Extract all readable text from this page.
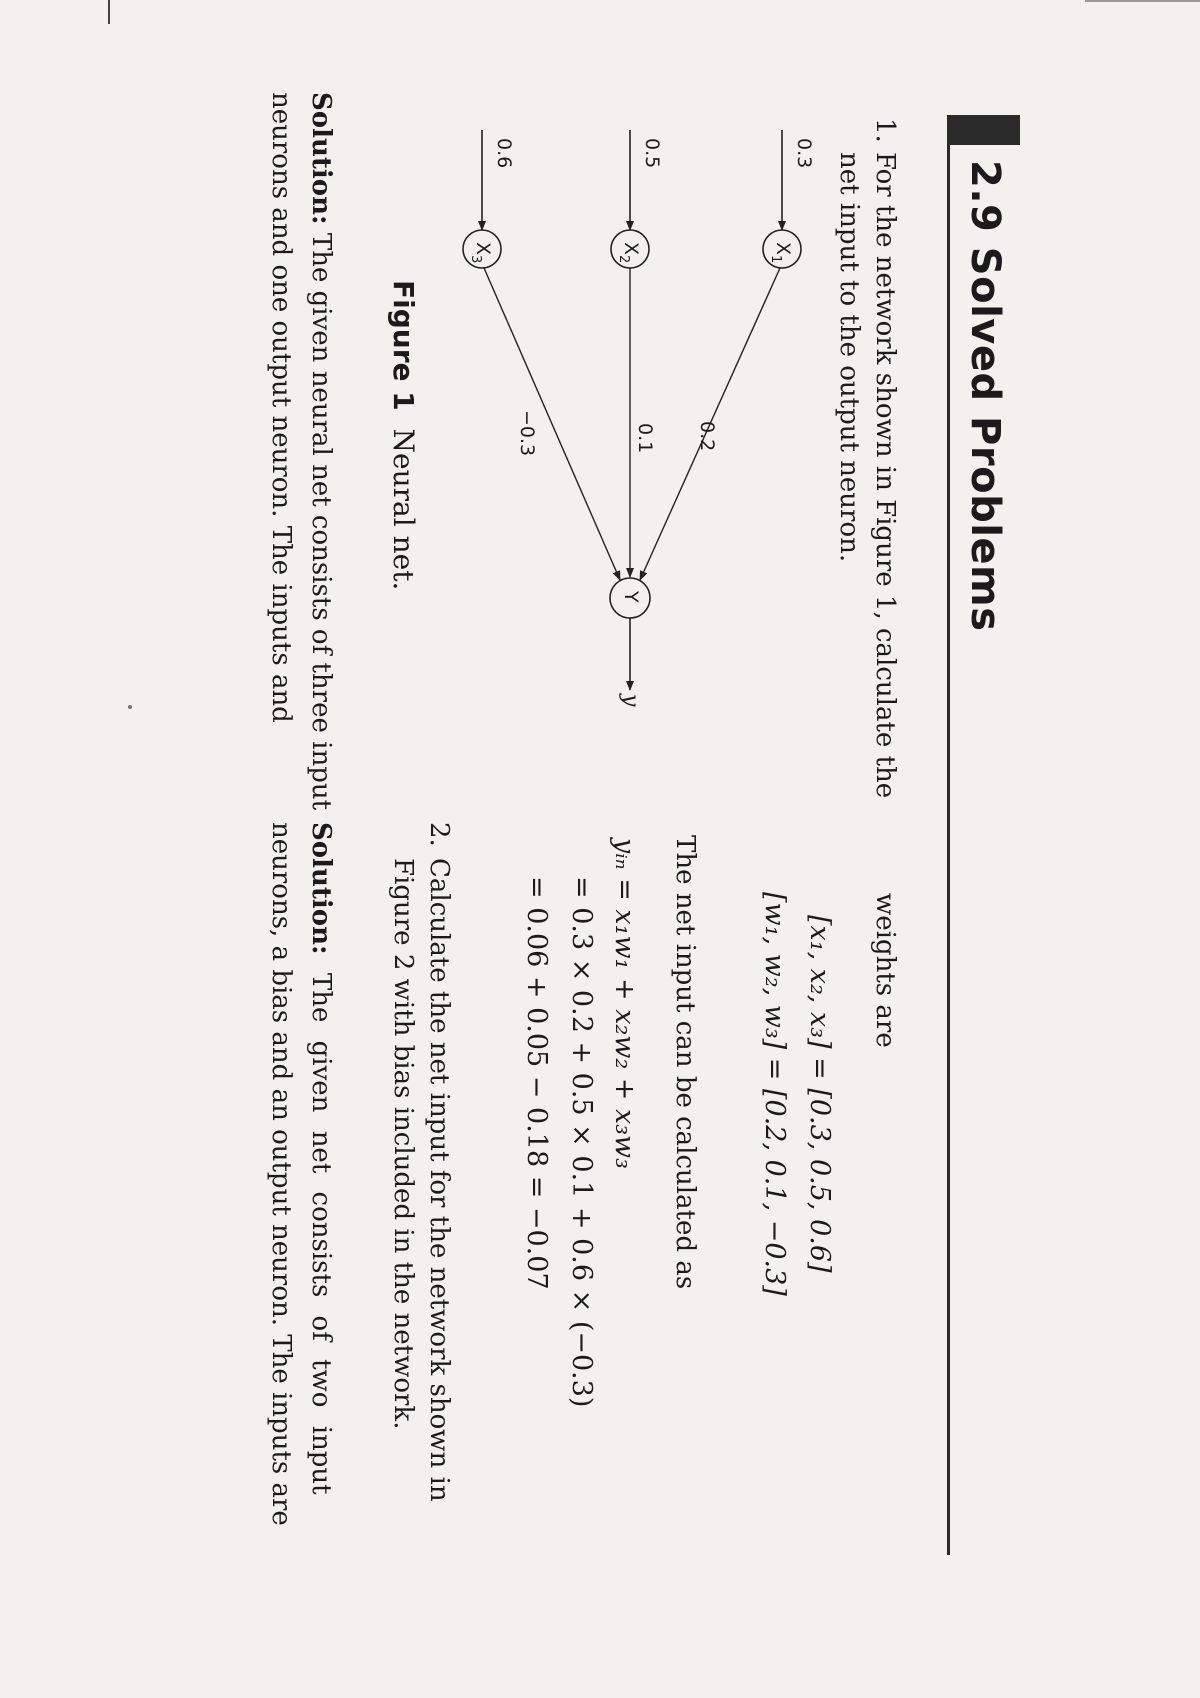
2.9 Solved Problems
1.
For the network shown in Figure 1, calculate the
net input to the output neuron.
weights are
0.3
0.5
0.6
$X_1$
$X_2$
$X_3$
0.2
0.1
−0.3
Y
y
Figure 1  Neural net.
Solution: The given neural net consists of three input
neurons and one output neuron. The inputs and
[x₁, x₂, x₃] = [0.3, 0.5, 0.6]
[w₁, w₂, w₃] = [0.2, 0.1, −0.3]
The net input can be calculated as
yᵢₙ = x₁w₁ + x₂w₂ + x₃w₃
= 0.3 × 0.2 + 0.5 × 0.1 + 0.6 × (−0.3)
= 0.06 + 0.05 − 0.18 = −0.07
2.
Calculate the net input for the network shown in
Figure 2 with bias included in the network.
Solution: The given net consists of two input
neurons, a bias and an output neuron. The inputs are
